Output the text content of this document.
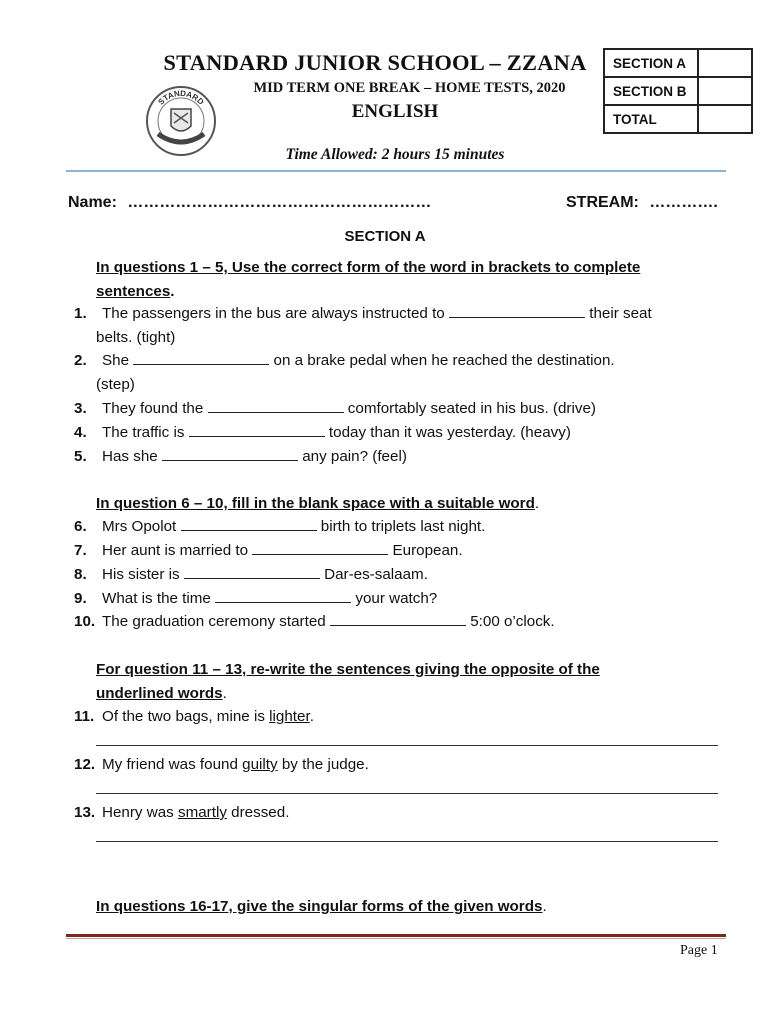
STANDARD JUNIOR SCHOOL – ZZANA
MID TERM ONE BREAK – HOME TESTS, 2020
ENGLISH
STANDARD
SECTION A	
SECTION B	
TOTAL	
Time Allowed: 2 hours 15 minutes
Name: …………………………………………………	STREAM: ………….
SECTION A
In questions 1 – 5, Use the correct form of the word in brackets to complete
sentences.
1. The passengers in the bus are always instructed to	their seat
belts. (tight)
2. She	on a brake pedal when he reached the destination.
(step)
3. They found the	comfortably seated in his bus. (drive)
4. The traffic is	today than it was yesterday. (heavy)
5. Has she	any pain? (feel)
In question 6 – 10, fill in the blank space with a suitable word.
6. Mrs Opolot	birth to triplets last night.
7. Her aunt is married to	European.
8. His sister is	Dar-es-salaam.
9. What is the time	your watch?
10. The graduation ceremony started	5:00 o’clock.
For question 11 – 13, re-write the sentences giving the opposite of the
underlined words.
11. Of the two bags, mine is lighter.
12. My friend was found guilty by the judge.
13. Henry was smartly dressed.
In questions 16-17, give the singular forms of the given words.
Page 1
